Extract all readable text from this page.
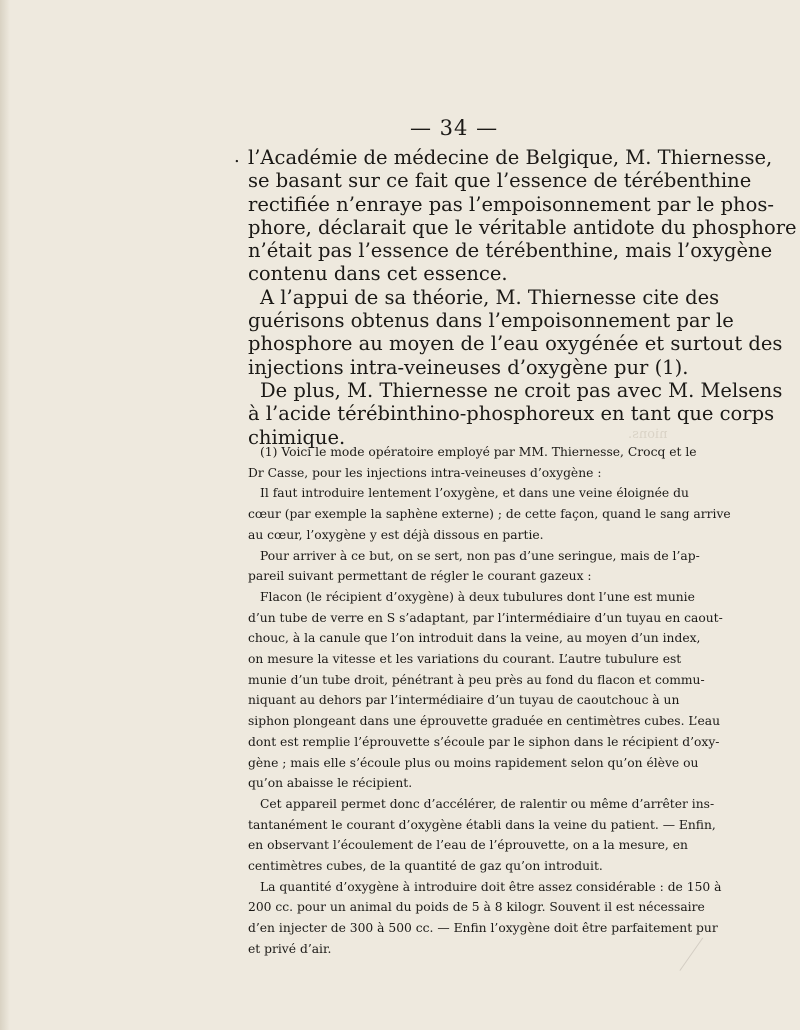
— 34 —
. l’Académie de médecine de Belgique, M. Thiernesse,
se basant sur ce fait que l’essence de térébenthine
rectifiée n’enraye pas l’empoisonnement par le phos-
phore, déclarait que le véritable antidote du phosphore
n’était pas l’essence de térébenthine, mais l’oxygène
contenu dans cet essence.
A l’appui de sa théorie, M. Thiernesse cite des
guérisons obtenus dans l’empoisonnement par le
phosphore au moyen de l’eau oxygénée et surtout des
injections intra-veineuses d’oxygène pur (1).
De plus, M. Thiernesse ne croit pas avec M. Melsens
à l’acide térébinthino-phosphoreux en tant que corps
chimique.	nions.
(1) Voici le mode opératoire employé par MM. Thiernesse, Crocq et le
Dr Casse, pour les injections intra-veineuses d’oxygène :
Il faut introduire lentement l’oxygène, et dans une veine éloignée du
cœur (par exemple la saphène externe) ; de cette façon, quand le sang arrive
au cœur, l’oxygène y est déjà dissous en partie.
Pour arriver à ce but, on se sert, non pas d’une seringue, mais de l’ap-
pareil suivant permettant de régler le courant gazeux :
Flacon (le récipient d’oxygène) à deux tubulures dont l’une est munie
d’un tube de verre en S s’adaptant, par l’intermédiaire d’un tuyau en caout-
chouc, à la canule que l’on introduit dans la veine, au moyen d’un index,
on mesure la vitesse et les variations du courant. L’autre tubulure est
munie d’un tube droit, pénétrant à peu près au fond du flacon et commu-
niquant au dehors par l’intermédiaire d’un tuyau de caoutchouc à un
siphon plongeant dans une éprouvette graduée en centimètres cubes. L’eau
dont est remplie l’éprouvette s’écoule par le siphon dans le récipient d’oxy-
gène ; mais elle s’écoule plus ou moins rapidement selon qu’on élève ou
qu’on abaisse le récipient.
Cet appareil permet donc d’accélérer, de ralentir ou même d’arrêter ins-
tantanément le courant d’oxygène établi dans la veine du patient. — Enfin,
en observant l’écoulement de l’eau de l’éprouvette, on a la mesure, en
centimètres cubes, de la quantité de gaz qu’on introduit.
La quantité d’oxygène à introduire doit être assez considérable : de 150 à
200 cc. pour un animal du poids de 5 à 8 kilogr. Souvent il est nécessaire
d’en injecter de 300 à 500 cc. — Enfin l’oxygène doit être parfaitement pur
et privé d’air.
